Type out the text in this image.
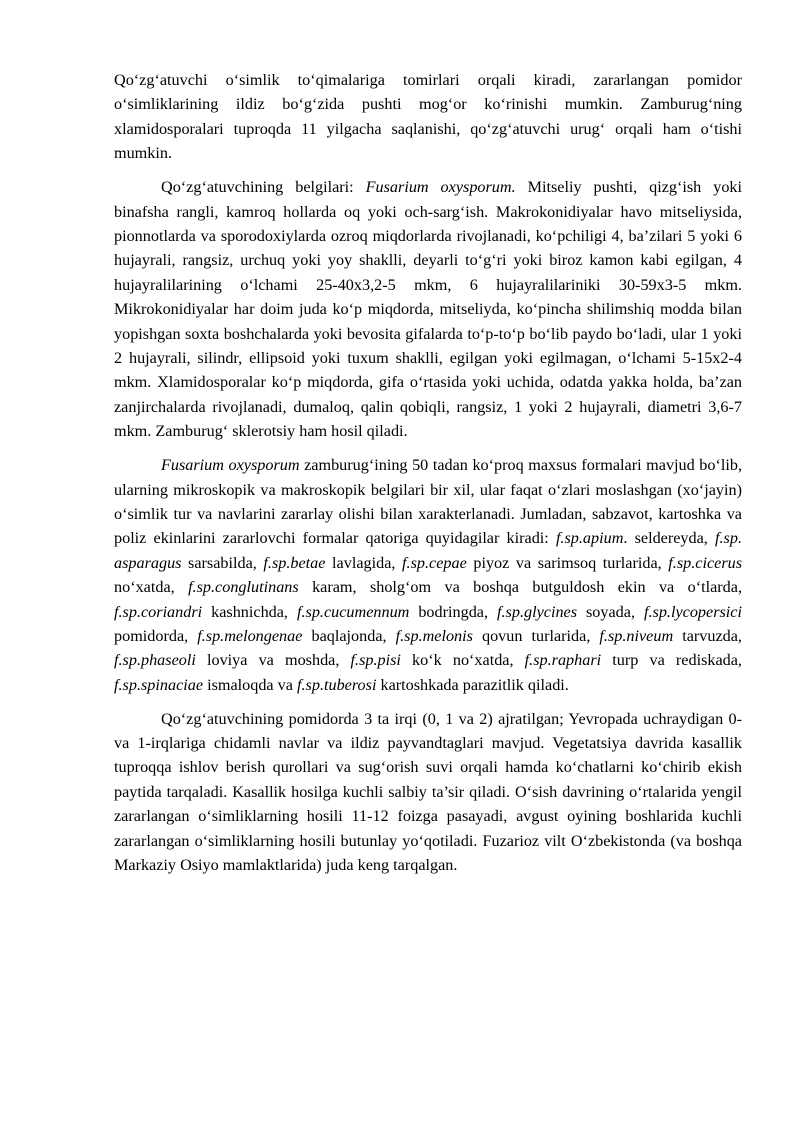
Qo‘zg‘atuvchi o‘simlik to‘qimalariga tomirlari orqali kiradi, zararlangan pomidor o‘simliklarining ildiz bo‘g‘zida pushti mog‘or ko‘rinishi mumkin. Zamburug‘ning xlamidosporalari tuproqda 11 yilgacha saqlanishi, qo‘zg‘atuvchi urug‘ orqali ham o‘tishi mumkin.

Qo‘zg‘atuvchining belgilari: Fusarium oxysporum. Mitseliy pushti, qizg‘ish yoki binafsha rangli, kamroq hollarda oq yoki och-sarg‘ish. Makrokonidiyalar havo mitseliysida, pionnotlarda va sporodoxiylarda ozroq miqdorlarda rivojlanadi, ko‘pchiligi 4, ba’zilari 5 yoki 6 hujayrali, rangsiz, urchuq yoki yoy shaklli, deyarli to‘g‘ri yoki biroz kamon kabi egilgan, 4 hujayralilarining o‘lchami 25-40x3,2-5 mkm, 6 hujayralilariniki 30-59x3-5 mkm. Mikrokonidiyalar har doim juda ko‘p miqdorda, mitseliyda, ko‘pincha shilimshiq modda bilan yopishgan soxta boshchalarda yoki bevosita gifalarda to‘p-to‘p bo‘lib paydo bo‘ladi, ular 1 yoki 2 hujayrali, silindr, ellipsoid yoki tuxum shaklli, egilgan yoki egilmagan, o‘lchami 5-15x2-4 mkm. Xlamidosporalar ko‘p miqdorda, gifa o‘rtasida yoki uchida, odatda yakka holda, ba’zan zanjirchalarda rivojlanadi, dumaloq, qalin qobiqli, rangsiz, 1 yoki 2 hujayrali, diametri 3,6-7 mkm. Zamburug‘ sklerotsiy ham hosil qiladi.

Fusarium oxysporum zamburug‘ining 50 tadan ko‘proq maxsus formalari mavjud bo‘lib, ularning mikroskopik va makroskopik belgilari bir xil, ular faqat o‘zlari moslashgan (xo‘jayin) o‘simlik tur va navlarini zararlay olishi bilan xarakterlanadi. Jumladan, sabzavot, kartoshka va poliz ekinlarini zararlovchi formalar qatoriga quyidagilar kiradi: f.sp.apium. seldereyda, f.sp. asparagus sarsabilda, f.sp.betae lavlagida, f.sp.cepae piyoz va sarimsoq turlarida, f.sp.cicerus no‘xatda, f.sp.conglutinans karam, sholg‘om va boshqa butguldosh ekin va o‘tlarda, f.sp.coriandri kashnichda, f.sp.cucumennum bodringda, f.sp.glycines soyada, f.sp.lycopersici pomidorda, f.sp.melongenae baqlajonda, f.sp.melonis qovun turlarida, f.sp.niveum tarvuzda, f.sp.phaseoli loviya va moshda, f.sp.pisi ko‘k no‘xatda, f.sp.raphari turp va rediskada, f.sp.spinaciae ismaloqda va f.sp.tuberosi kartoshkada parazitlik qiladi.

Qo‘zg‘atuvchining pomidorda 3 ta irqi (0, 1 va 2) ajratilgan; Yevropada uchraydigan 0- va 1-irqlariga chidamli navlar va ildiz payvandtaglari mavjud. Vegetatsiya davrida kasallik tuproqqa ishlov berish qurollari va sug‘orish suvi orqali hamda ko‘chatlarni ko‘chirib ekish paytida tarqaladi. Kasallik hosilga kuchli salbiy ta’sir qiladi. O‘sish davrining o‘rtalarida yengil zararlangan o‘simliklarning hosili 11-12 foizga pasayadi, avgust oyining boshlarida kuchli zararlangan o‘simliklarning hosili butunlay yo‘qotiladi. Fuzarioz vilt O‘zbekistonda (va boshqa Markaziy Osiyo mamlaktlarida) juda keng tarqalgan.
